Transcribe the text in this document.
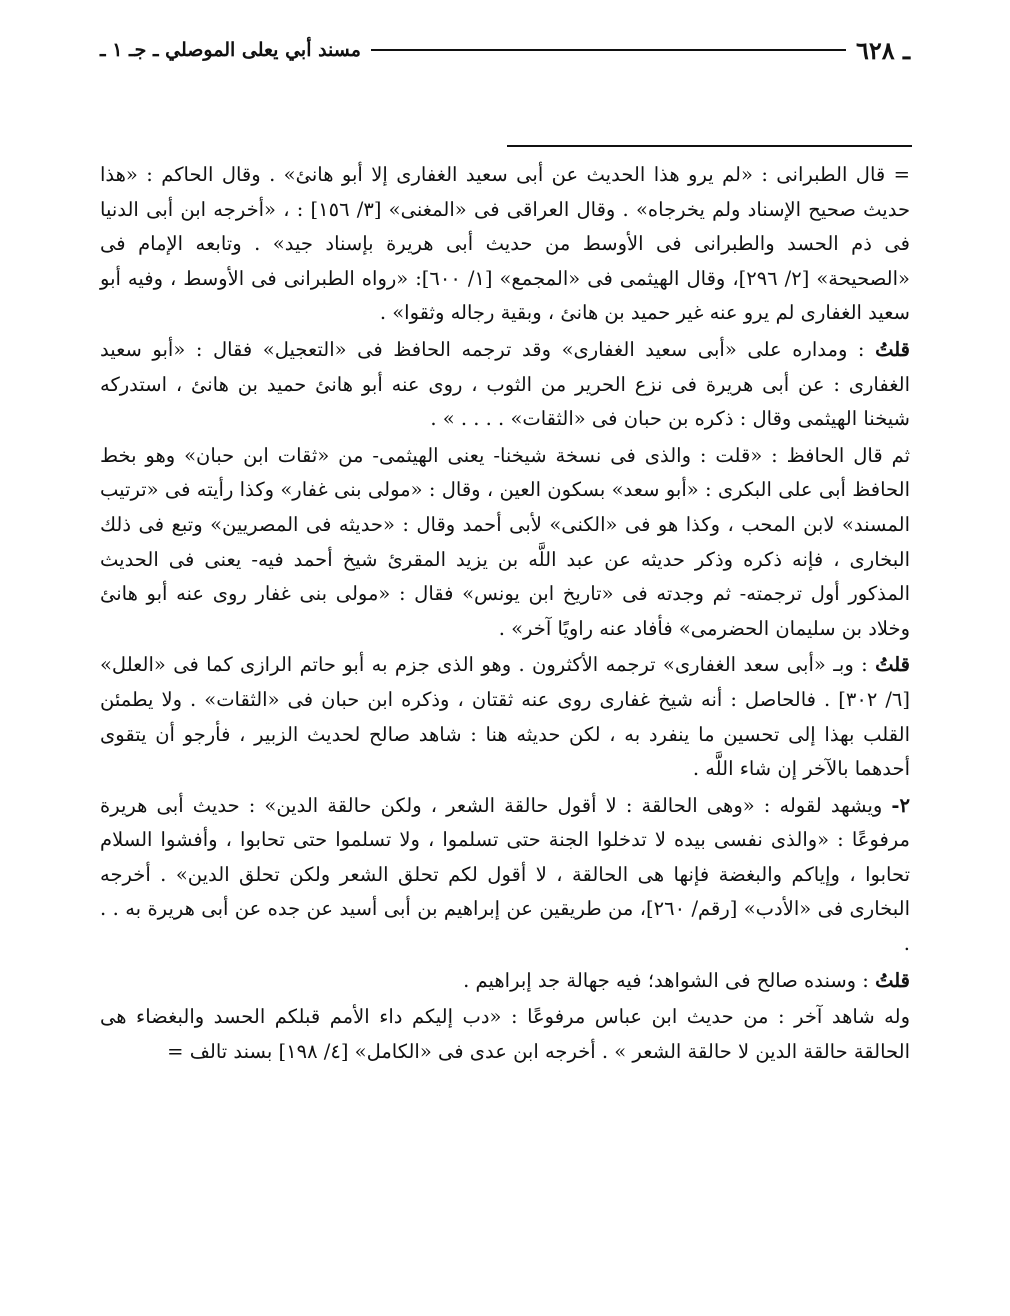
ـ ٦٢٨
مسند أبي يعلى الموصلي ـ جـ ١ ـ

= قال الطبرانى : «لم يرو هذا الحديث عن أبى سعيد الغفارى إلا أبو هانئ» . وقال الحاكم : «هذا حديث صحيح الإسناد ولم يخرجاه» . وقال العراقى فى «المغنى» [٣/ ١٥٦] : ، «أخرجه ابن أبى الدنيا فى ذم الحسد والطبرانى فى الأوسط من حديث أبى هريرة بإسناد جيد» . وتابعه الإمام فى «الصحيحة» [٢/ ٢٩٦]، وقال الهيثمى فى «المجمع» [١/ ٦٠٠]: «رواه الطبرانى فى الأوسط ، وفيه أبو سعيد الغفارى لم يرو عنه غير حميد بن هانئ ، وبقية رجاله وثقوا» .

قلتُ : ومداره على «أبى سعيد الغفارى» وقد ترجمه الحافظ فى «التعجيل» فقال : «أبو سعيد الغفارى : عن أبى هريرة فى نزع الحرير من الثوب ، روى عنه أبو هانئ حميد بن هانئ ، استدركه شيخنا الهيثمى وقال : ذكره بن حبان فى «الثقات» . . . . » .

ثم قال الحافظ : «قلت : والذى فى نسخة شيخنا- يعنى الهيثمى- من «ثقات ابن حبان» وهو بخط الحافظ أبى على البكرى : «أبو سعد» بسكون العين ، وقال : «مولى بنى غفار» وكذا رأيته فى «ترتيب المسند» لابن المحب ، وكذا هو فى «الكنى» لأبى أحمد وقال : «حديثه فى المصريين» وتبع فى ذلك البخارى ، فإنه ذكره وذكر حديثه عن عبد اللَّه بن يزيد المقرئ شيخ أحمد فيه- يعنى فى الحديث المذكور أول ترجمته- ثم وجدته فى «تاريخ ابن يونس» فقال : «مولى بنى غفار روى عنه أبو هانئ وخلاد بن سليمان الحضرمى» فأفاد عنه راويًا آخر» .

قلتُ : وبـ «أبى سعد الغفارى» ترجمه الأكثرون . وهو الذى جزم به أبو حاتم الرازى كما فى «العلل» [٦/ ٣٠٢] . فالحاصل : أنه شيخ غفارى روى عنه ثقتان ، وذكره ابن حبان فى «الثقات» . ولا يطمئن القلب بهذا إلى تحسين ما ينفرد به ، لكن حديثه هنا : شاهد صالح لحديث الزبير ، فأرجو أن يتقوى أحدهما بالآخر إن شاء اللَّه .

٢- ويشهد لقوله : «وهى الحالقة : لا أقول حالقة الشعر ، ولكن حالقة الدين» : حديث أبى هريرة مرفوعًا : «والذى نفسى بيده لا تدخلوا الجنة حتى تسلموا ، ولا تسلموا حتى تحابوا ، وأفشوا السلام تحابوا ، وإياكم والبغضة فإنها هى الحالقة ، لا أقول لكم تحلق الشعر ولكن تحلق الدين» . أخرجه البخارى فى «الأدب» [رقم/ ٢٦٠]، من طريقين عن إبراهيم بن أبى أسيد عن جده عن أبى هريرة به . . .

قلتُ : وسنده صالح فى الشواهد؛ فيه جهالة جد إبراهيم .

وله شاهد آخر : من حديث ابن عباس مرفوعًا : «دب إليكم داء الأمم قبلكم الحسد والبغضاء هى الحالقة حالقة الدين لا حالقة الشعر » . أخرجه ابن عدى فى «الكامل» [٤/ ١٩٨] بسند تالف =
